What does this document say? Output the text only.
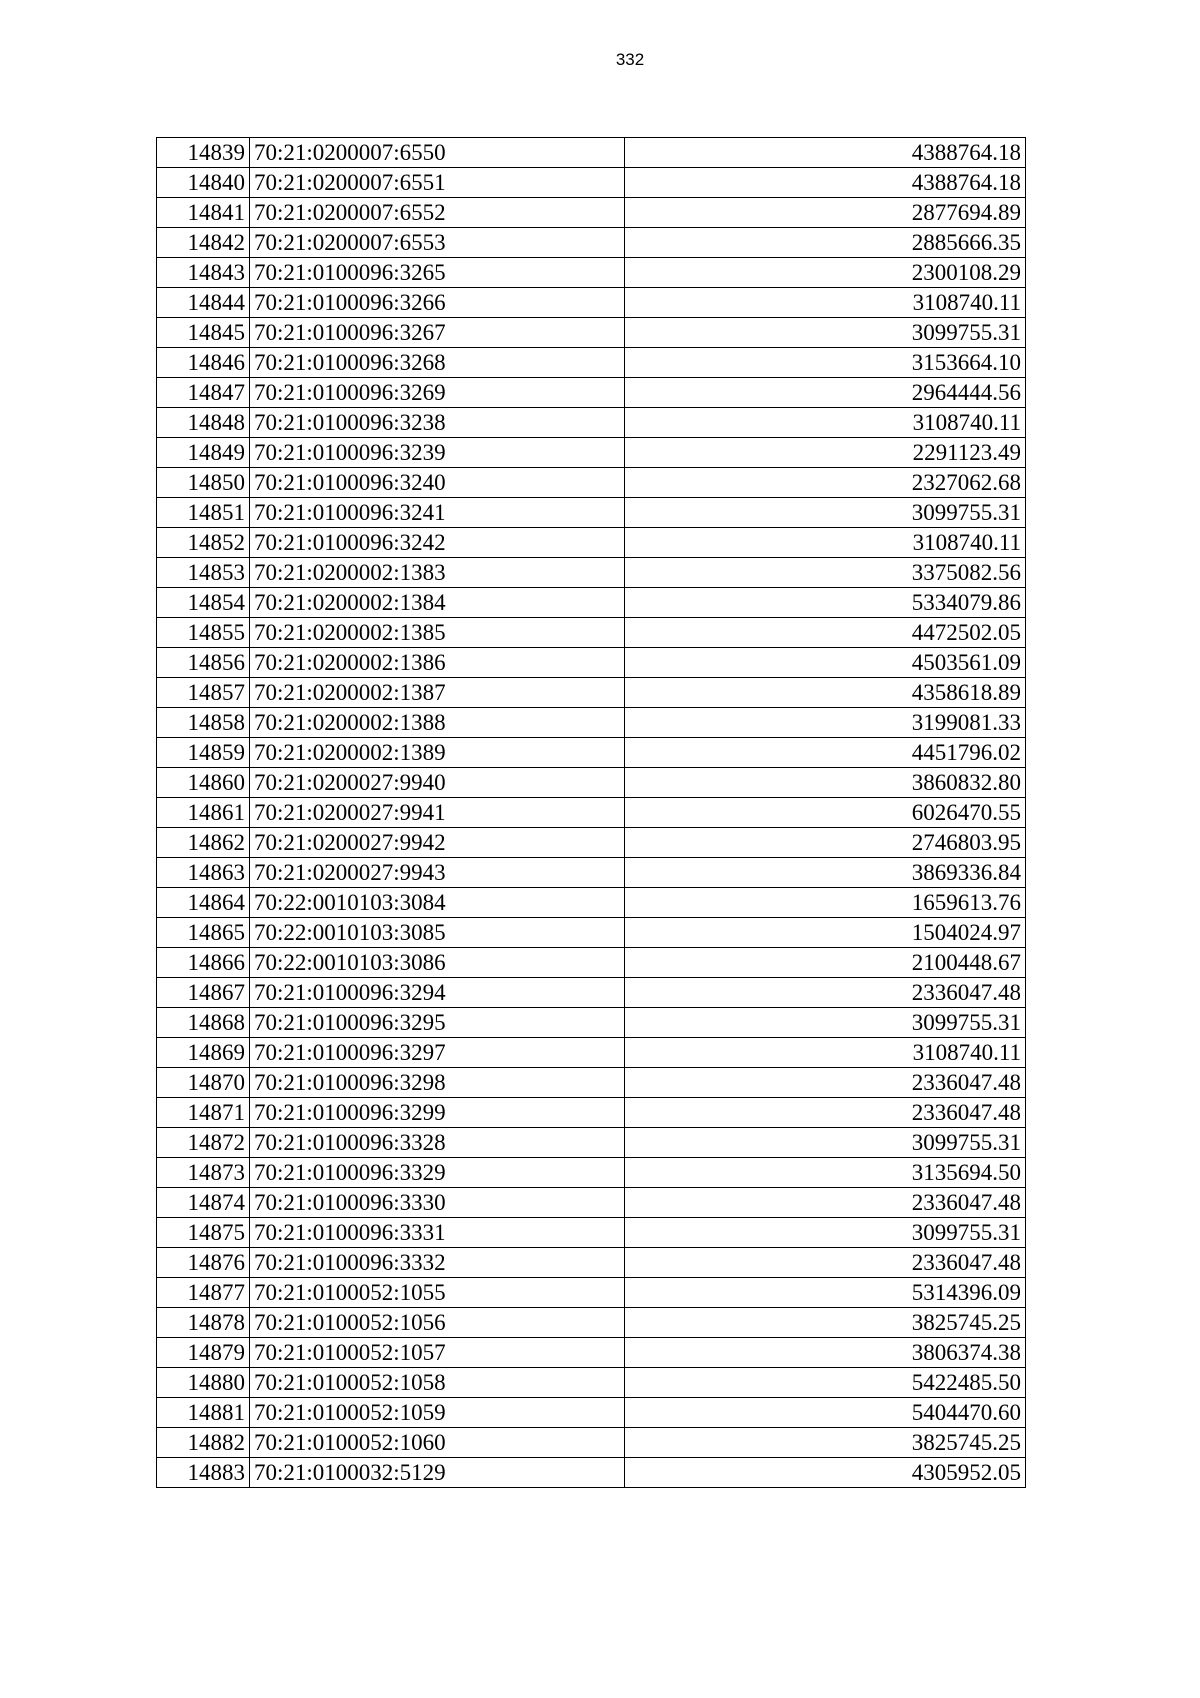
332
14839	70:21:0200007:6550	4388764.18
14840	70:21:0200007:6551	4388764.18
14841	70:21:0200007:6552	2877694.89
14842	70:21:0200007:6553	2885666.35
14843	70:21:0100096:3265	2300108.29
14844	70:21:0100096:3266	3108740.11
14845	70:21:0100096:3267	3099755.31
14846	70:21:0100096:3268	3153664.10
14847	70:21:0100096:3269	2964444.56
14848	70:21:0100096:3238	3108740.11
14849	70:21:0100096:3239	2291123.49
14850	70:21:0100096:3240	2327062.68
14851	70:21:0100096:3241	3099755.31
14852	70:21:0100096:3242	3108740.11
14853	70:21:0200002:1383	3375082.56
14854	70:21:0200002:1384	5334079.86
14855	70:21:0200002:1385	4472502.05
14856	70:21:0200002:1386	4503561.09
14857	70:21:0200002:1387	4358618.89
14858	70:21:0200002:1388	3199081.33
14859	70:21:0200002:1389	4451796.02
14860	70:21:0200027:9940	3860832.80
14861	70:21:0200027:9941	6026470.55
14862	70:21:0200027:9942	2746803.95
14863	70:21:0200027:9943	3869336.84
14864	70:22:0010103:3084	1659613.76
14865	70:22:0010103:3085	1504024.97
14866	70:22:0010103:3086	2100448.67
14867	70:21:0100096:3294	2336047.48
14868	70:21:0100096:3295	3099755.31
14869	70:21:0100096:3297	3108740.11
14870	70:21:0100096:3298	2336047.48
14871	70:21:0100096:3299	2336047.48
14872	70:21:0100096:3328	3099755.31
14873	70:21:0100096:3329	3135694.50
14874	70:21:0100096:3330	2336047.48
14875	70:21:0100096:3331	3099755.31
14876	70:21:0100096:3332	2336047.48
14877	70:21:0100052:1055	5314396.09
14878	70:21:0100052:1056	3825745.25
14879	70:21:0100052:1057	3806374.38
14880	70:21:0100052:1058	5422485.50
14881	70:21:0100052:1059	5404470.60
14882	70:21:0100052:1060	3825745.25
14883	70:21:0100032:5129	4305952.05
